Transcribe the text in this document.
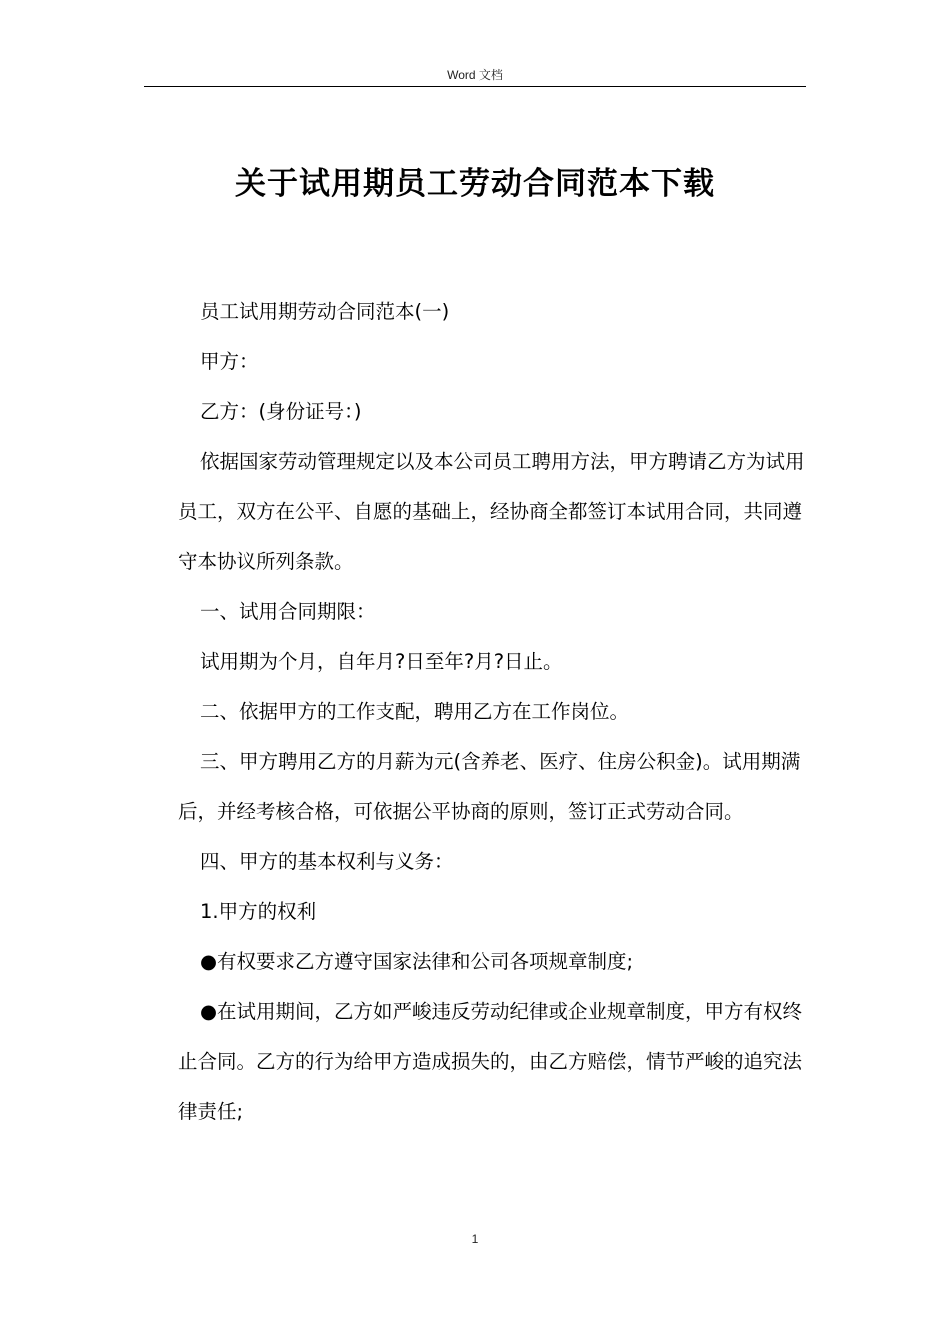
Word 文档
关于试用期员工劳动合同范本下载

员工试用期劳动合同范本(一)

甲方：

乙方：(身份证号：)

依据国家劳动管理规定以及本公司员工聘用方法，甲方聘请乙方为试用员工，双方在公平、自愿的基础上，经协商全都签订本试用合同，共同遵守本协议所列条款。

一、试用合同期限：

试用期为个月，自年月?日至年?月?日止。

二、依据甲方的工作支配，聘用乙方在工作岗位。

三、甲方聘用乙方的月薪为元(含养老、医疗、住房公积金)。试用期满后，并经考核合格，可依据公平协商的原则，签订正式劳动合同。

四、甲方的基本权利与义务：

1.甲方的权利

●有权要求乙方遵守国家法律和公司各项规章制度;

●在试用期间，乙方如严峻违反劳动纪律或企业规章制度，甲方有权终止合同。乙方的行为给甲方造成损失的，由乙方赔偿，情节严峻的追究法律责任;

1
